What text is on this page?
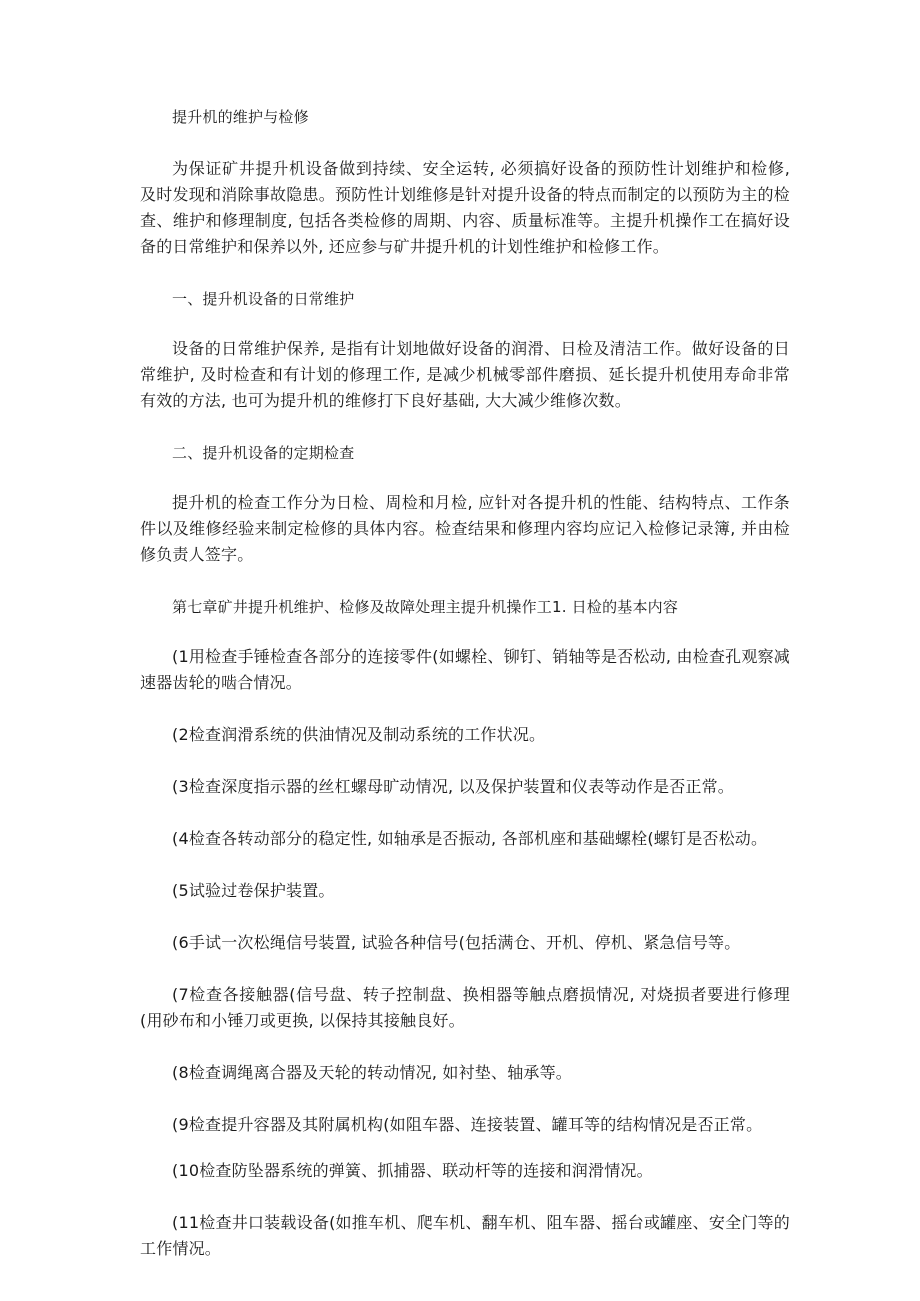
提升机的维护与检修

为保证矿井提升机设备做到持续、安全运转, 必须搞好设备的预防性计划维护和检修, 及时发现和消除事故隐患。预防性计划维修是针对提升设备的特点而制定的以预防为主的检查、维护和修理制度, 包括各类检修的周期、内容、质量标准等。主提升机操作工在搞好设备的日常维护和保养以外, 还应参与矿井提升机的计划性维护和检修工作。

一、提升机设备的日常维护

设备的日常维护保养, 是指有计划地做好设备的润滑、日检及清洁工作。做好设备的日常维护, 及时检查和有计划的修理工作, 是减少机械零部件磨损、延长提升机使用寿命非常有效的方法, 也可为提升机的维修打下良好基础, 大大减少维修次数。

二、提升机设备的定期检查

提升机的检查工作分为日检、周检和月检, 应针对各提升机的性能、结构特点、工作条件以及维修经验来制定检修的具体内容。检查结果和修理内容均应记入检修记录簿, 并由检修负责人签字。

第七章矿井提升机维护、检修及故障处理主提升机操作工1. 日检的基本内容

(1用检查手锤检查各部分的连接零件(如螺栓、铆钉、销轴等是否松动, 由检查孔观察减速器齿轮的啮合情况。

(2检查润滑系统的供油情况及制动系统的工作状况。

(3检查深度指示器的丝杠螺母旷动情况, 以及保护装置和仪表等动作是否正常。

(4检查各转动部分的稳定性, 如轴承是否振动, 各部机座和基础螺栓(螺钉是否松动。

(5试验过卷保护装置。

(6手试一次松绳信号装置, 试验各种信号(包括满仓、开机、停机、紧急信号等。

(7检查各接触器(信号盘、转子控制盘、换相器等触点磨损情况, 对烧损者要进行修理(用砂布和小锤刀或更换, 以保持其接触良好。

(8检查调绳离合器及天轮的转动情况, 如衬垫、轴承等。

(9检查提升容器及其附属机构(如阻车器、连接装置、罐耳等的结构情况是否正常。

(10检查防坠器系统的弹簧、抓捕器、联动杆等的连接和润滑情况。

(11检查井口装载设备(如推车机、爬车机、翻车机、阻车器、摇台或罐座、安全门等的工作情况。
